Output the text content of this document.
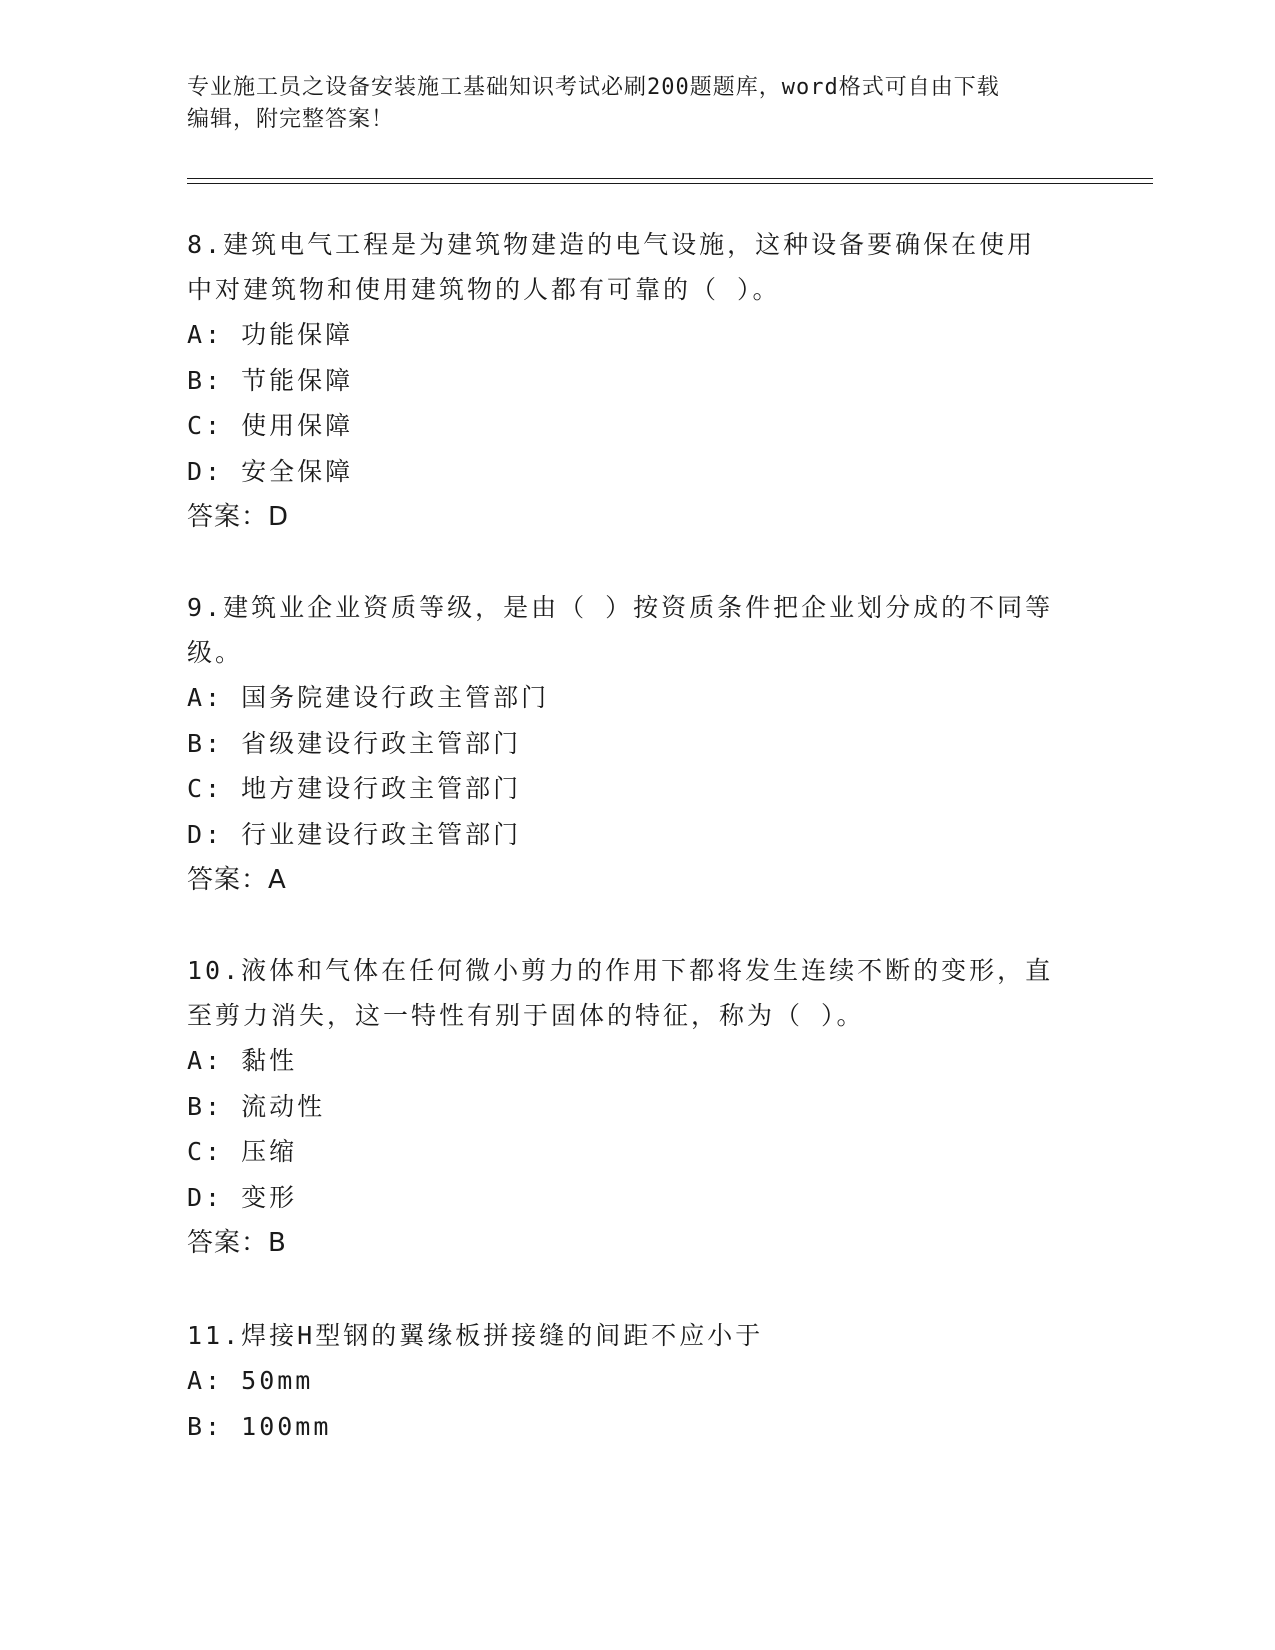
专业施工员之设备安装施工基础知识考试必刷200题题库，word格式可自由下载
编辑，附完整答案！

8.建筑电气工程是为建筑物建造的电气设施，这种设备要确保在使用
中对建筑物和使用建筑物的人都有可靠的（ ）。

A: 功能保障

B: 节能保障

C: 使用保障

D: 安全保障

答案：D

9.建筑业企业资质等级，是由（ ）按资质条件把企业划分成的不同等
级。

A: 国务院建设行政主管部门

B: 省级建设行政主管部门

C: 地方建设行政主管部门

D: 行业建设行政主管部门

答案：A

10.液体和气体在任何微小剪力的作用下都将发生连续不断的变形，直
至剪力消失，这一特性有别于固体的特征，称为（ ）。

A: 黏性

B: 流动性

C: 压缩

D: 变形

答案：B

11.焊接H型钢的翼缘板拼接缝的间距不应小于

A: 50mm

B: 100mm
